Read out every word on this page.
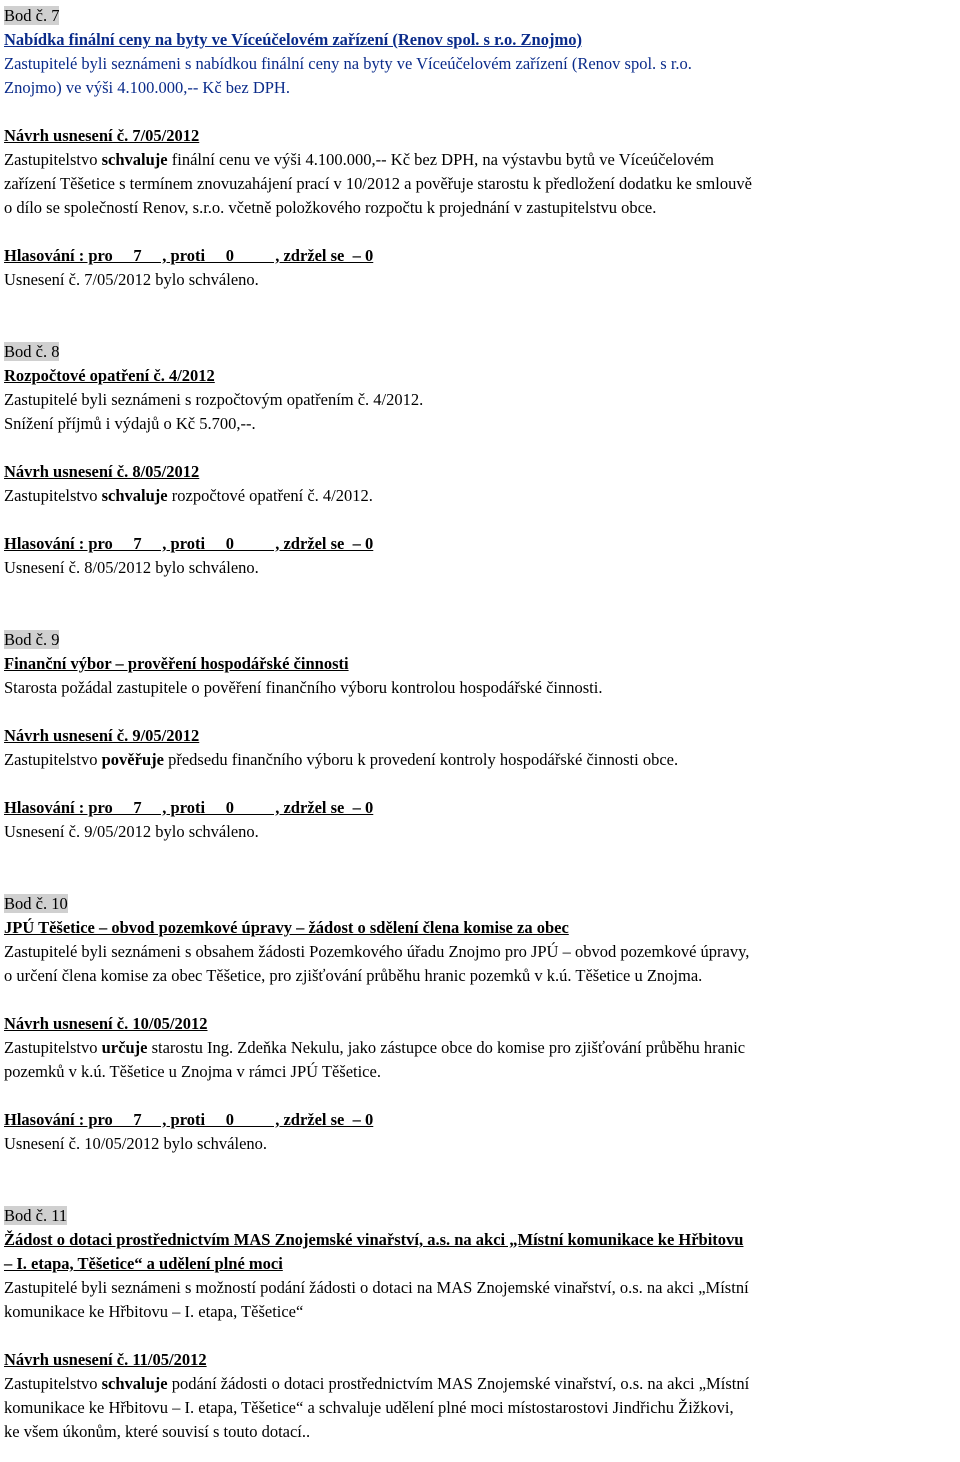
Bod č. 7
Nabídka finální ceny na byty ve Víceúčelovém zařízení (Renov spol. s r.o. Znojmo)
Zastupitelé byli seznámeni s nabídkou finální ceny na byty ve Víceúčelovém zařízení (Renov spol. s r.o.
Znojmo) ve výši 4.100.000,-- Kč bez DPH.
Návrh usnesení č. 7/05/2012
Zastupitelstvo schvaluje finální cenu ve výši 4.100.000,-- Kč bez DPH, na výstavbu bytů ve Víceúčelovém
zařízení Těšetice s termínem znovuzahájení prací v 10/2012 a pověřuje starostu k předložení dodatku ke smlouvě
o dílo se společností Renov, s.r.o. včetně položkového rozpočtu k projednání v zastupitelstvu obce.
Hlasování : pro     7     , proti     0          , zdržel se  – 0
Usnesení č. 7/05/2012 bylo schváleno.
Bod č. 8
Rozpočtové opatření č. 4/2012
Zastupitelé byli seznámeni s rozpočtovým opatřením č. 4/2012.
Snížení příjmů i výdajů o Kč 5.700,--.
Návrh usnesení č. 8/05/2012
Zastupitelstvo schvaluje rozpočtové opatření č. 4/2012.
Hlasování : pro     7     , proti     0          , zdržel se  – 0
Usnesení č. 8/05/2012 bylo schváleno.
Bod č. 9
Finanční výbor – prověření hospodářské činnosti
Starosta požádal zastupitele o pověření finančního výboru kontrolou hospodářské činnosti.
Návrh usnesení č. 9/05/2012
Zastupitelstvo pověřuje předsedu finančního výboru k provedení kontroly hospodářské činnosti obce.
Hlasování : pro     7     , proti     0          , zdržel se  – 0
Usnesení č. 9/05/2012 bylo schváleno.
Bod č. 10
JPÚ Těšetice – obvod pozemkové úpravy – žádost o sdělení člena komise za obec
Zastupitelé byli seznámeni s obsahem žádosti Pozemkového úřadu Znojmo pro JPÚ – obvod pozemkové úpravy,
o určení člena komise za obec Těšetice, pro zjišťování průběhu hranic pozemků v k.ú. Těšetice u Znojma.
Návrh usnesení č. 10/05/2012
Zastupitelstvo určuje starostu Ing. Zdeňka Nekulu, jako zástupce obce do komise pro zjišťování průběhu hranic
pozemků v k.ú. Těšetice u Znojma v rámci JPÚ Těšetice.
Hlasování : pro     7     , proti     0          , zdržel se  – 0
Usnesení č. 10/05/2012 bylo schváleno.
Bod č. 11
Žádost o dotaci prostřednictvím MAS Znojemské vinařství, a.s. na akci „Místní komunikace ke Hřbitovu
– I. etapa, Těšetice“ a udělení plné moci
Zastupitelé byli seznámeni s možností podání žádosti o dotaci na MAS Znojemské vinařství, o.s. na akci „Místní
komunikace ke Hřbitovu – I. etapa, Těšetice“
Návrh usnesení č. 11/05/2012
Zastupitelstvo schvaluje podání žádosti o dotaci prostřednictvím MAS Znojemské vinařství, o.s. na akci „Místní
komunikace ke Hřbitovu – I. etapa, Těšetice“ a schvaluje udělení plné moci místostarostovi Jindřichu Žižkovi,
ke všem úkonům, které souvisí s touto dotací..
